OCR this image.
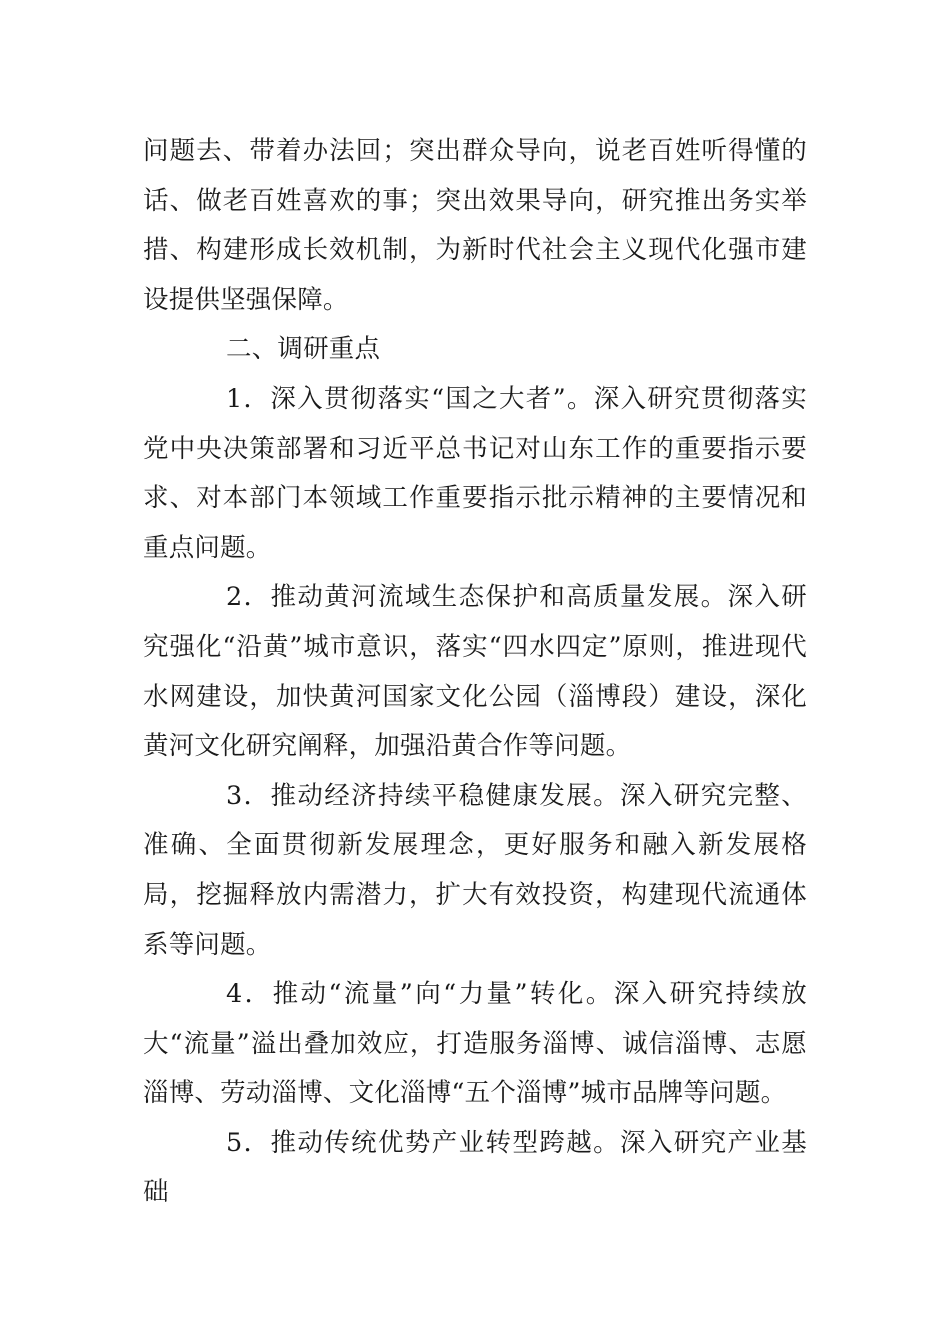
问题去、带着办法回；突出群众导向，说老百姓听得懂的话、做老百姓喜欢的事；突出效果导向，研究推出务实举措、构建形成长效机制，为新时代社会主义现代化强市建设提供坚强保障。

二、调研重点

1．深入贯彻落实“国之大者”。深入研究贯彻落实党中央决策部署和习近平总书记对山东工作的重要指示要求、对本部门本领域工作重要指示批示精神的主要情况和重点问题。

2．推动黄河流域生态保护和高质量发展。深入研究强化“沿黄”城市意识，落实“四水四定”原则，推进现代水网建设，加快黄河国家文化公园（淄博段）建设，深化黄河文化研究阐释，加强沿黄合作等问题。

3．推动经济持续平稳健康发展。深入研究完整、准确、全面贯彻新发展理念，更好服务和融入新发展格局，挖掘释放内需潜力，扩大有效投资，构建现代流通体系等问题。

4．推动“流量”向“力量”转化。深入研究持续放大“流量”溢出叠加效应，打造服务淄博、诚信淄博、志愿淄博、劳动淄博、文化淄博“五个淄博”城市品牌等问题。

5．推动传统优势产业转型跨越。深入研究产业基础
